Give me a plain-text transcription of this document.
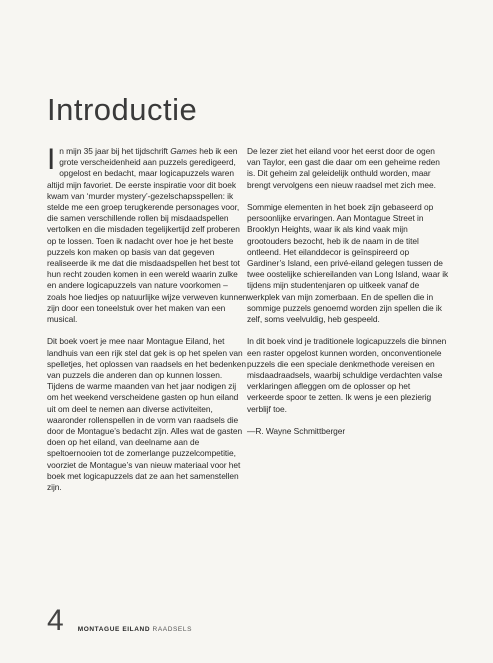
Introductie

In mijn 35 jaar bij het tijdschrift Games heb ik een grote verscheidenheid aan puzzels geredigeerd, opgelost en bedacht, maar logicapuzzels waren altijd mijn favoriet. De eerste inspiratie voor dit boek kwam van ‘murder mystery’-gezelschapsspellen: ik stelde me een groep terugkerende personages voor, die samen verschillende rollen bij misdaadspellen vertolken en die misdaden tegelijkertijd zelf proberen op te lossen. Toen ik nadacht over hoe je het beste puzzels kon maken op basis van dat gegeven realiseerde ik me dat die misdaadspellen het best tot hun recht zouden komen in een wereld waarin zulke en andere logicapuzzels van nature voorkomen – zoals hoe liedjes op natuurlijke wijze verweven kunnen zijn door een toneelstuk over het maken van een musical.

Dit boek voert je mee naar Montague Eiland, het landhuis van een rijk stel dat gek is op het spelen van spelletjes, het oplossen van raadsels en het bedenken van puzzels die anderen dan op kunnen lossen. Tijdens de warme maanden van het jaar nodigen zij om het weekend verscheidene gasten op hun eiland uit om deel te nemen aan diverse activiteiten, waaronder rollenspellen in de vorm van raadsels die door de Montague’s bedacht zijn. Alles wat de gasten doen op het eiland, van deelname aan de speltoernooien tot de zomerlange puzzelcompetitie, voorziet de Montague’s van nieuw materiaal voor het boek met logicapuzzels dat ze aan het samenstellen zijn.

De lezer ziet het eiland voor het eerst door de ogen van Taylor, een gast die daar om een geheime reden is. Dit geheim zal geleidelijk onthuld worden, maar brengt vervolgens een nieuw raadsel met zich mee.

Sommige elementen in het boek zijn gebaseerd op persoonlijke ervaringen. Aan Montague Street in Brooklyn Heights, waar ik als kind vaak mijn grootouders bezocht, heb ik de naam in de titel ontleend. Het eilanddecor is geïnspireerd op Gardiner’s Island, een privé-eiland gelegen tussen de twee oostelijke schiereilanden van Long Island, waar ik tijdens mijn studentenjaren op uitkeek vanaf de werkplek van mijn zomerbaan. En de spellen die in sommige puzzels genoemd worden zijn spellen die ik zelf, soms veelvuldig, heb gespeeld.

In dit boek vind je traditionele logicapuzzels die binnen een raster opgelost kunnen worden, onconventionele puzzels die een speciale denkmethode vereisen en misdaadraadsels, waarbij schuldige verdachten valse verklaringen afleggen om de oplosser op het verkeerde spoor te zetten. Ik wens je een plezierig verblijf toe.

—R. Wayne Schmittberger

4 MONTAGUE EILAND RAADSELS
